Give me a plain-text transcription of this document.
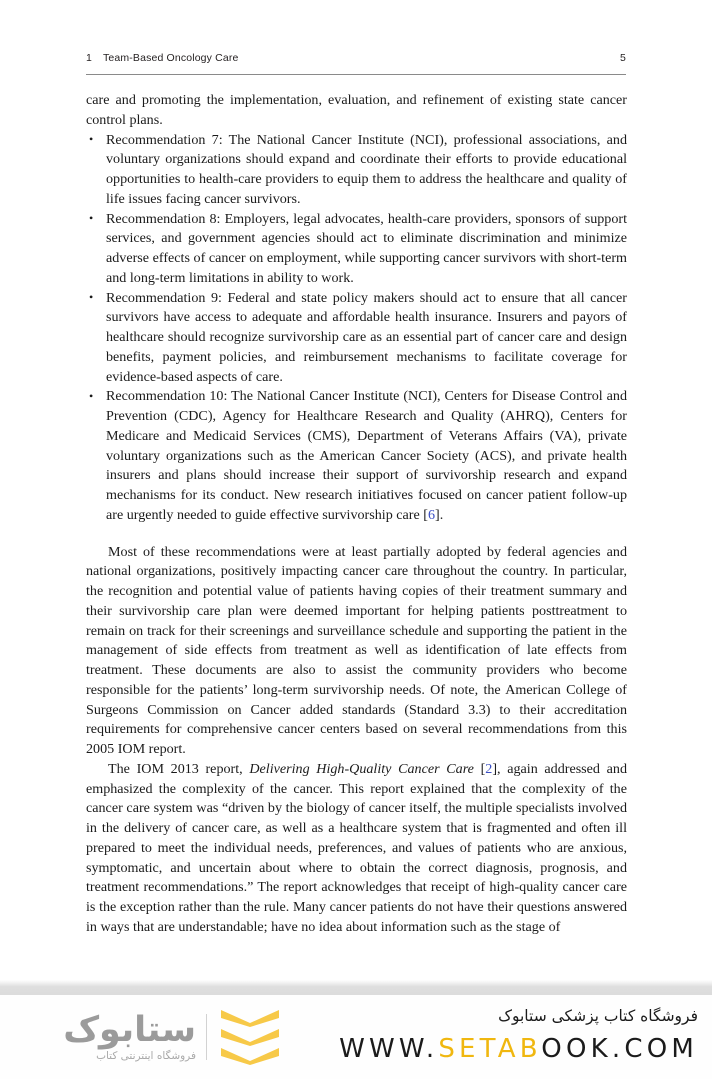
1 Team-Based Oncology Care	5

care and promoting the implementation, evaluation, and refinement of existing state cancer control plans.

• Recommendation 7: The National Cancer Institute (NCI), professional associations, and voluntary organizations should expand and coordinate their efforts to provide educational opportunities to health-care providers to equip them to address the healthcare and quality of life issues facing cancer survivors.
• Recommendation 8: Employers, legal advocates, health-care providers, sponsors of support services, and government agencies should act to eliminate discrimination and minimize adverse effects of cancer on employment, while supporting cancer survivors with short-term and long-term limitations in ability to work.
• Recommendation 9: Federal and state policy makers should act to ensure that all cancer survivors have access to adequate and affordable health insurance. Insurers and payors of healthcare should recognize survivorship care as an essential part of cancer care and design benefits, payment policies, and reimbursement mechanisms to facilitate coverage for evidence-based aspects of care.
• Recommendation 10: The National Cancer Institute (NCI), Centers for Disease Control and Prevention (CDC), Agency for Healthcare Research and Quality (AHRQ), Centers for Medicare and Medicaid Services (CMS), Department of Veterans Affairs (VA), private voluntary organizations such as the American Cancer Society (ACS), and private health insurers and plans should increase their support of survivorship research and expand mechanisms for its conduct. New research initiatives focused on cancer patient follow-up are urgently needed to guide effective survivorship care [6].

Most of these recommendations were at least partially adopted by federal agencies and national organizations, positively impacting cancer care throughout the country. In particular, the recognition and potential value of patients having copies of their treatment summary and their survivorship care plan were deemed important for helping patients posttreatment to remain on track for their screenings and surveillance schedule and supporting the patient in the management of side effects from treatment as well as identification of late effects from treatment. These documents are also to assist the community providers who become responsible for the patients’ long-term survivorship needs. Of note, the American College of Surgeons Commission on Cancer added standards (Standard 3.3) to their accreditation requirements for comprehensive cancer centers based on several recommendations from this 2005 IOM report.

The IOM 2013 report, Delivering High-Quality Cancer Care [2], again addressed and emphasized the complexity of the cancer. This report explained that the complexity of the cancer care system was “driven by the biology of cancer itself, the multiple specialists involved in the delivery of cancer care, as well as a healthcare system that is fragmented and often ill prepared to meet the individual needs, preferences, and values of patients who are anxious, symptomatic, and uncertain about where to obtain the correct diagnosis, prognosis, and treatment recommendations.” The report acknowledges that receipt of high-quality cancer care is the exception rather than the rule. Many cancer patients do not have their questions answered in ways that are understandable; have no idea about information such as the stage of

ستابوک
فروشگاه اینترنتی کتاب
فروشگاه کتاب پزشکی ستابوک
WWW.SETABOOK.COM
